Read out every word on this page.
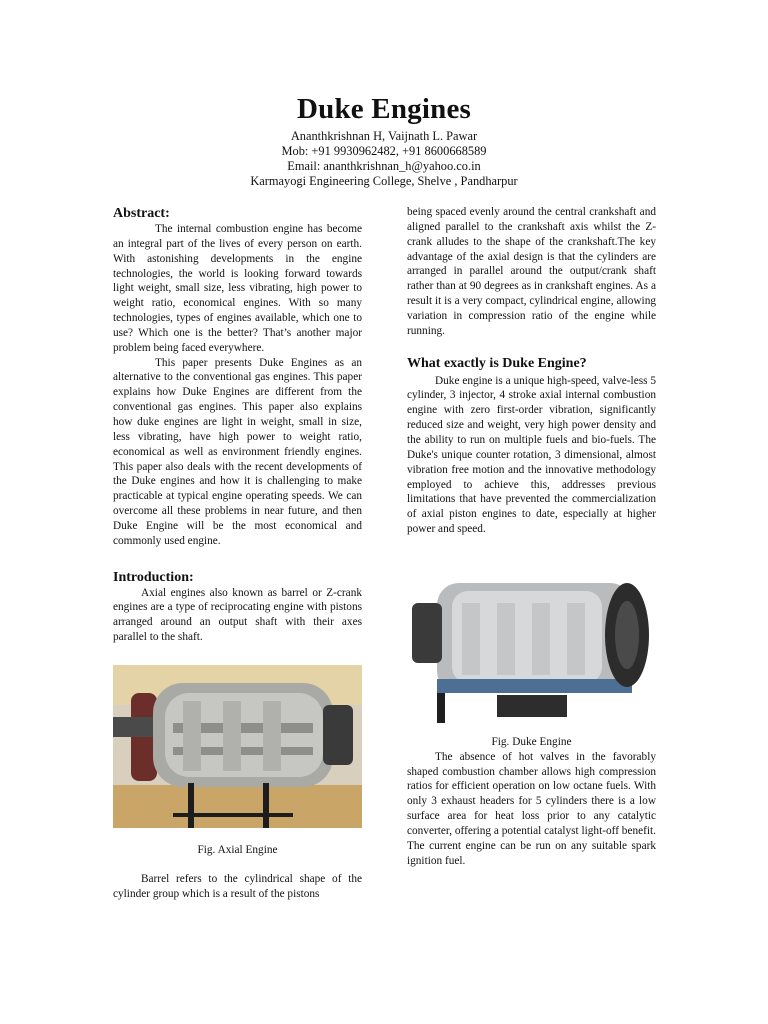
Duke Engines
Ananthkrishnan H, Vaijnath L. Pawar
Mob: +91 9930962482, +91 8600668589
Email: ananthkrishnan_h@yahoo.co.in
Karmayogi Engineering College, Shelve , Pandharpur
Abstract:

The internal combustion engine has become an integral part of the lives of every person on earth. With astonishing developments in the engine technologies, the world is looking forward towards light weight, small size, less vibrating, high power to weight ratio, economical engines. With so many technologies, types of engines available, which one to use? Which one is the better? That’s another major problem being faced everywhere.

This paper presents Duke Engines as an alternative to the conventional gas engines. This paper explains how Duke Engines are different from the conventional gas engines. This paper also explains how duke engines are light in weight, small in size, less vibrating, have high power to weight ratio, economical as well as environment friendly engines. This paper also deals with the recent developments of the Duke engines and how it is challenging to make practicable at typical engine operating speeds. We can overcome all these problems in near future, and then Duke Engine will be the most economical and commonly used engine.

Introduction:

Axial engines also known as barrel or Z-crank engines are a type of reciprocating engine with pistons arranged around an output shaft with their axes parallel to the shaft.

Fig. Axial Engine

Barrel refers to the cylindrical shape of the cylinder group which is a result of the pistons

being spaced evenly around the central crankshaft and aligned parallel to the crankshaft axis whilst the Z-crank alludes to the shape of the crankshaft.The key advantage of the axial design is that the cylinders are arranged in parallel around the output/crank shaft rather than at 90 degrees as in crankshaft engines. As a result it is a very compact, cylindrical engine, allowing variation in compression ratio of the engine while running.

What exactly is Duke Engine?

Duke engine is a unique high-speed, valve-less 5 cylinder, 3 injector, 4 stroke axial internal combustion engine with zero first-order vibration, significantly reduced size and weight, very high power density and the ability to run on multiple fuels and bio-fuels. The Duke's unique counter rotation, 3 dimensional, almost vibration free motion and the innovative methodology employed to achieve this, addresses previous limitations that have prevented the commercialization of axial piston engines to date, especially at higher power and speed.

Fig. Duke Engine

The absence of hot valves in the favorably shaped combustion chamber allows high compression ratios for efficient operation on low octane fuels. With only 3 exhaust headers for 5 cylinders there is a low surface area for heat loss prior to any catalytic converter, offering a potential catalyst light-off benefit. The current engine can be run on any suitable spark ignition fuel.
